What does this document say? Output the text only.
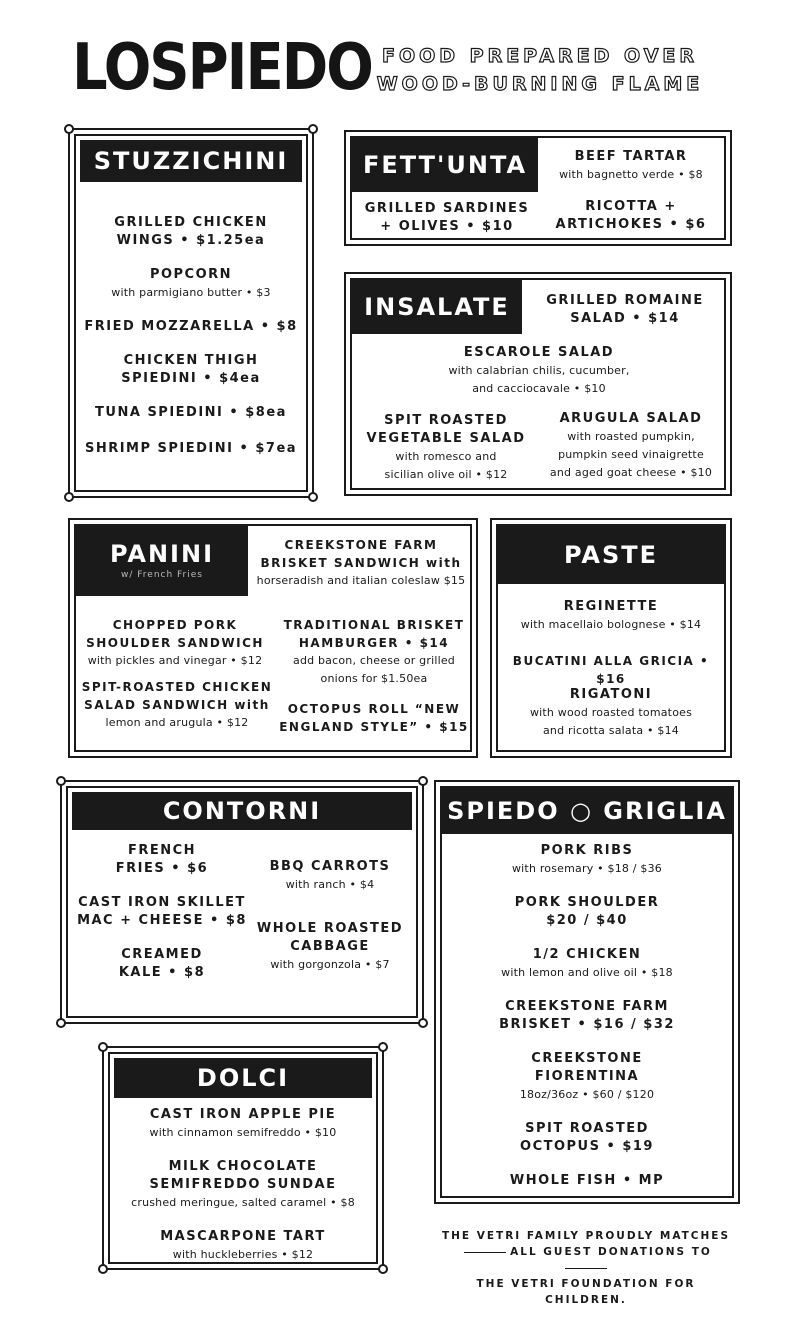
LOSPIEDO FOOD PREPARED OVER
WOOD-BURNING FLAME
STUZZICHINI
GRILLED CHICKEN
WINGS • $1.25ea
POPCORN
with parmigiano butter • $3
FRIED MOZZARELLA • $8
CHICKEN THIGH
SPIEDINI • $4ea
TUNA SPIEDINI • $8ea
SHRIMP SPIEDINI • $7ea
FETT'UNTA	BEEF TARTAR
with bagnetto verde • $8
GRILLED SARDINES
+ OLIVES • $10
RICOTTA +
ARTICHOKES • $6
INSALATE	GRILLED ROMAINE
SALAD • $14
ESCAROLE SALAD
with calabrian chilis, cucumber,
and cacciocavale • $10
SPIT ROASTED
VEGETABLE SALAD
with romesco and
sicilian olive oil • $12
ARUGULA SALAD
with roasted pumpkin,
pumpkin seed vinaigrette
and aged goat cheese • $10
PANINI
w/ French Fries
CREEKSTONE FARM
BRISKET SANDWICH with
horseradish and italian coleslaw $15
CHOPPED PORK
SHOULDER SANDWICH
with pickles and vinegar • $12
TRADITIONAL BRISKET
HAMBURGER • $14
add bacon, cheese or grilled
onions for $1.50ea
SPIT-ROASTED CHICKEN
SALAD SANDWICH with
lemon and arugula • $12
OCTOPUS ROLL “NEW
ENGLAND STYLE” • $15
PASTE
REGINETTE
with macellaio bolognese • $14
BUCATINI ALLA GRICIA • $16
RIGATONI
with wood roasted tomatoes
and ricotta salata • $14
CONTORNI
FRENCH
FRIES • $6	BBQ CARROTS
with ranch • $4
CAST IRON SKILLET
MAC + CHEESE • $8
WHOLE ROASTED
CABBAGE
with gorgonzola • $7
CREAMED
KALE • $8
SPIEDO ○ GRIGLIA
PORK RIBS
with rosemary • $18 / $36
PORK SHOULDER
$20 / $40
1/2 CHICKEN
with lemon and olive oil • $18
CREEKSTONE FARM
BRISKET • $16 / $32
CREEKSTONE
FIORENTINA
18oz/36oz • $60 / $120
SPIT ROASTED
OCTOPUS • $19
WHOLE FISH • MP
DOLCI
CAST IRON APPLE PIE
with cinnamon semifreddo • $10
MILK CHOCOLATE
SEMIFREDDO SUNDAE
crushed meringue, salted caramel • $8
MASCARPONE TART
with huckleberries • $12
THE VETRI FAMILY PROUDLY MATCHES
ALL GUEST DONATIONS TO
THE VETRI FOUNDATION FOR CHILDREN.
